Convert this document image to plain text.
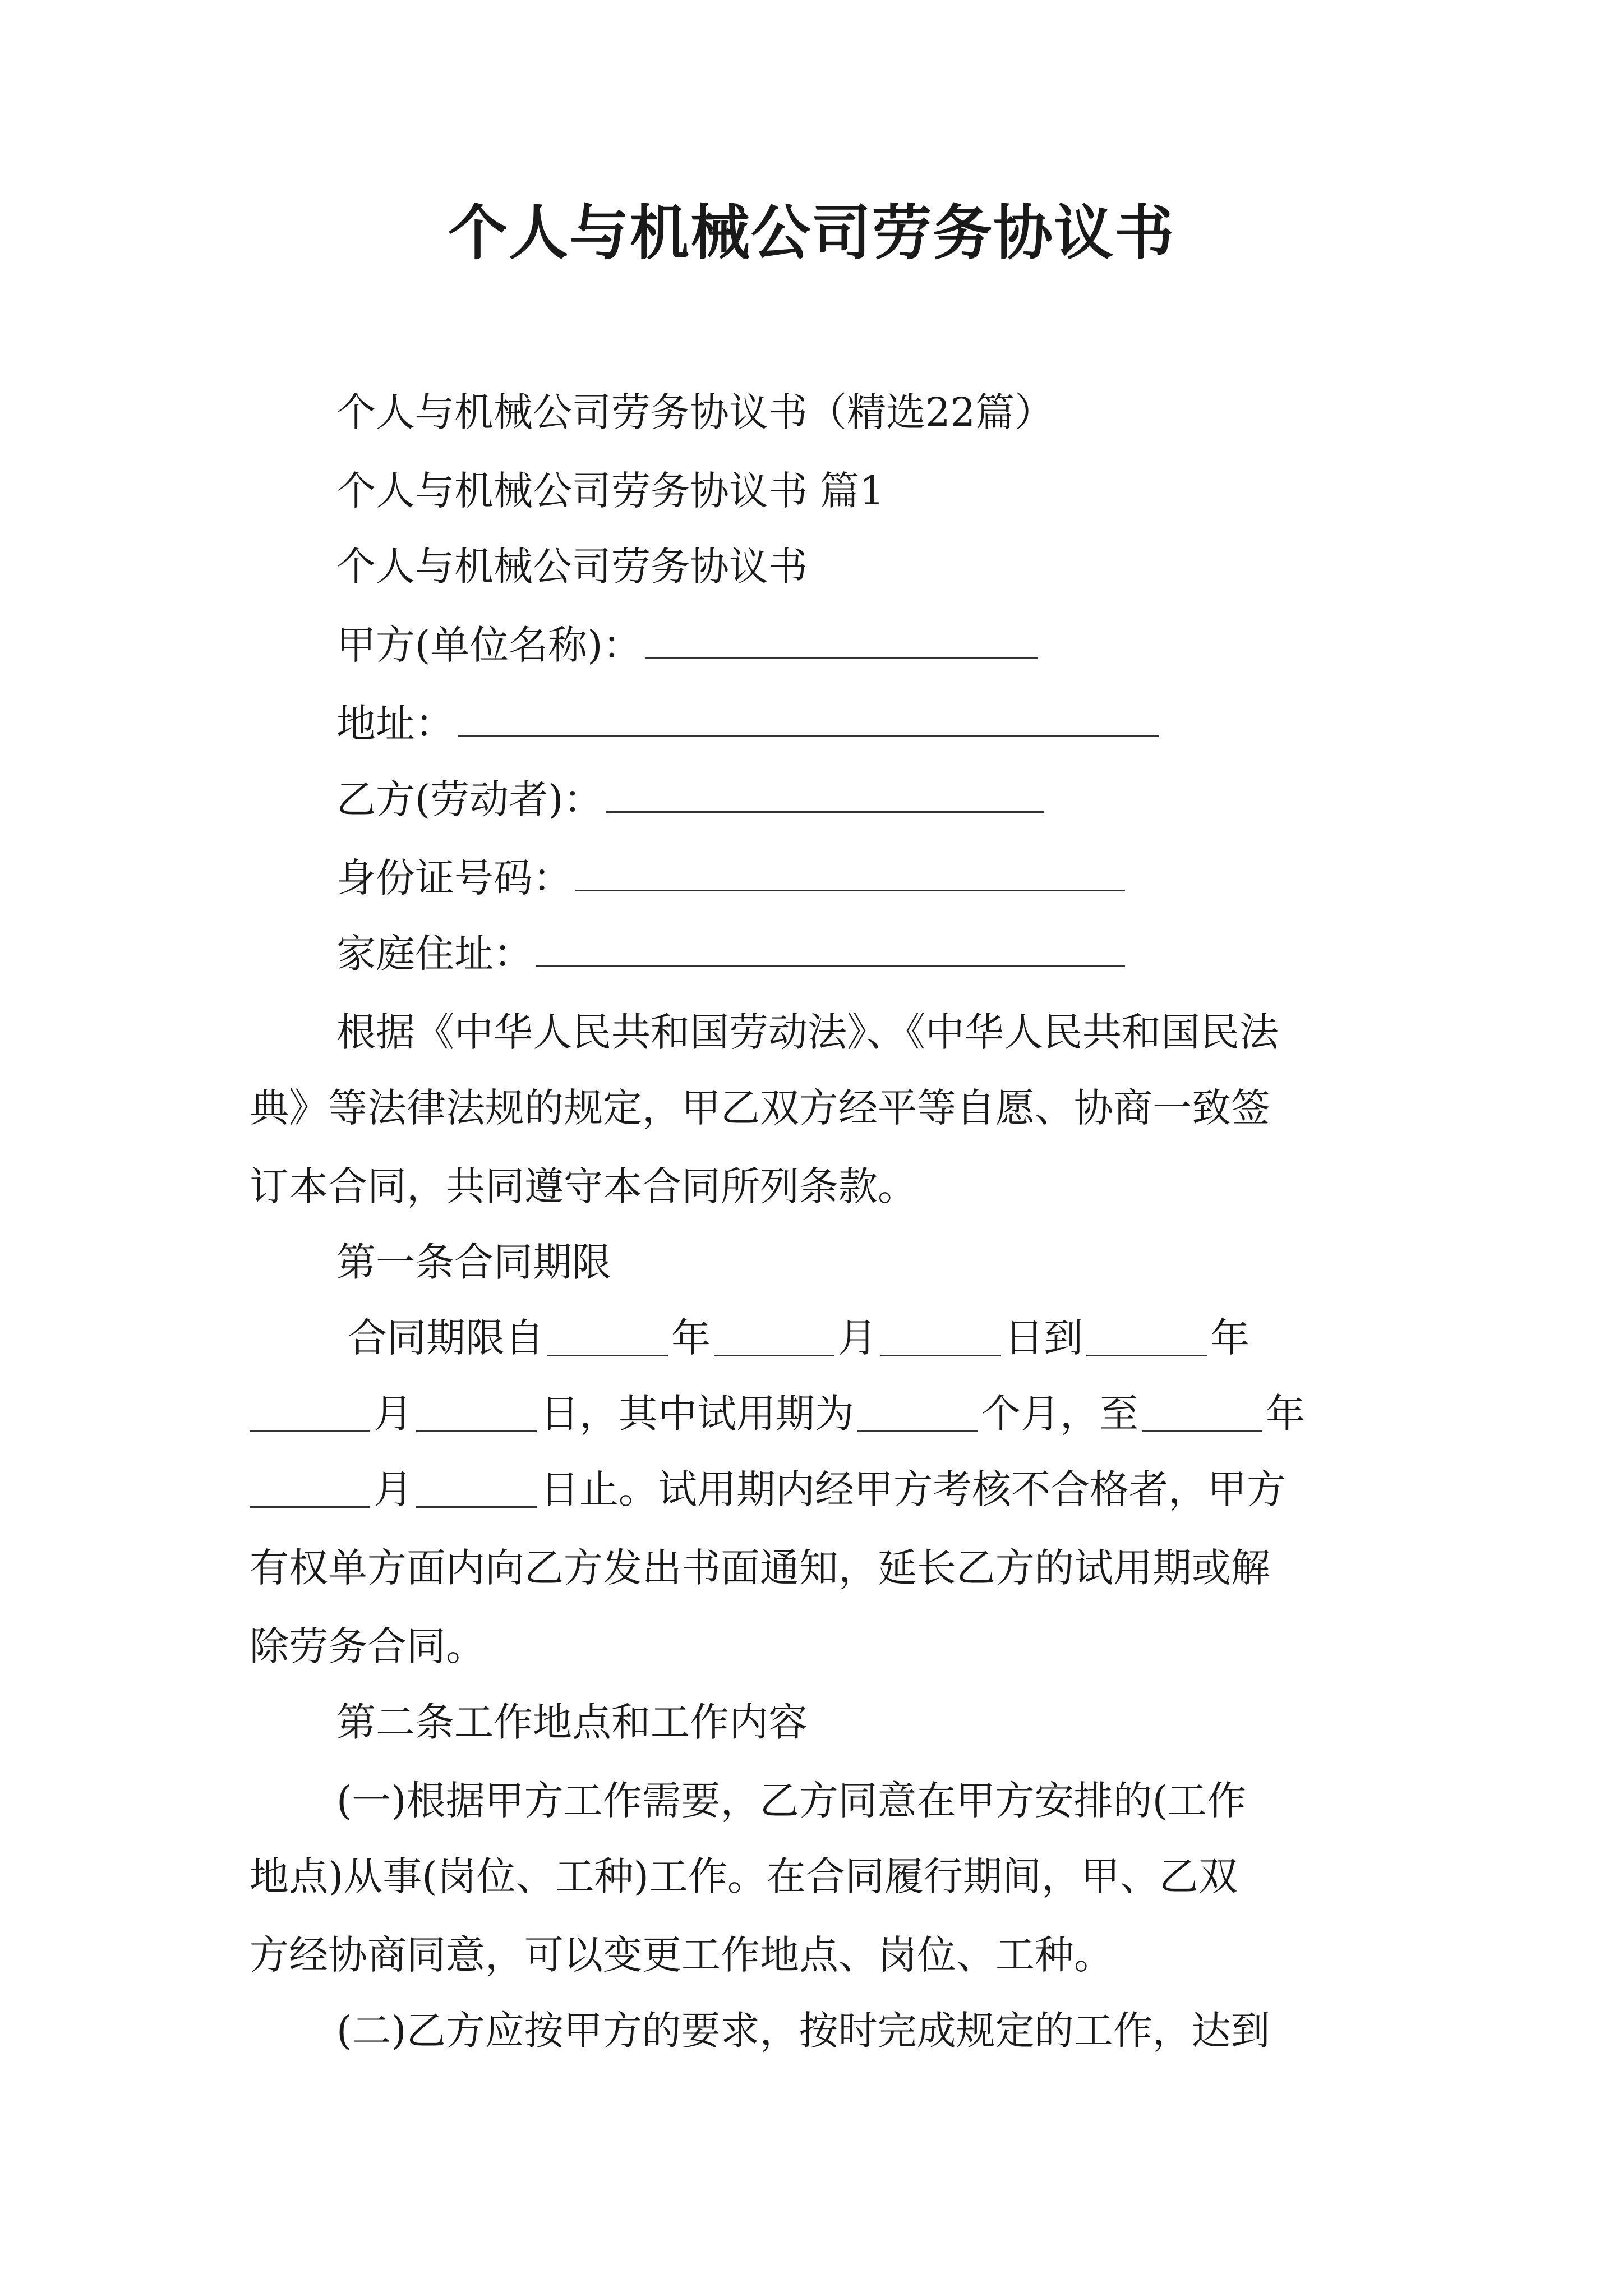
个人与机械公司劳务协议书
个人与机械公司劳务协议书（精选22篇）
个人与机械公司劳务协议书 篇1
个人与机械公司劳务协议书
甲方(单位名称)：
地址：
乙方(劳动者)：
身份证号码：
家庭住址：
根据《中华人民共和国劳动法》、《中华人民共和国民法
典》等法律法规的规定，甲乙双方经平等自愿、协商一致签
订本合同，共同遵守本合同所列条款。
第一条合同期限
合同期限自	年	月	日到	年
月	日，其中试用期为	个月，至	年
月	日止。试用期内经甲方考核不合格者，甲方
有权单方面内向乙方发出书面通知，延长乙方的试用期或解
除劳务合同。
第二条工作地点和工作内容
(一)根据甲方工作需要，乙方同意在甲方安排的(工作
地点)从事(岗位、工种)工作。在合同履行期间，甲、乙双
方经协商同意，可以变更工作地点、岗位、工种。
(二)乙方应按甲方的要求，按时完成规定的工作，达到
